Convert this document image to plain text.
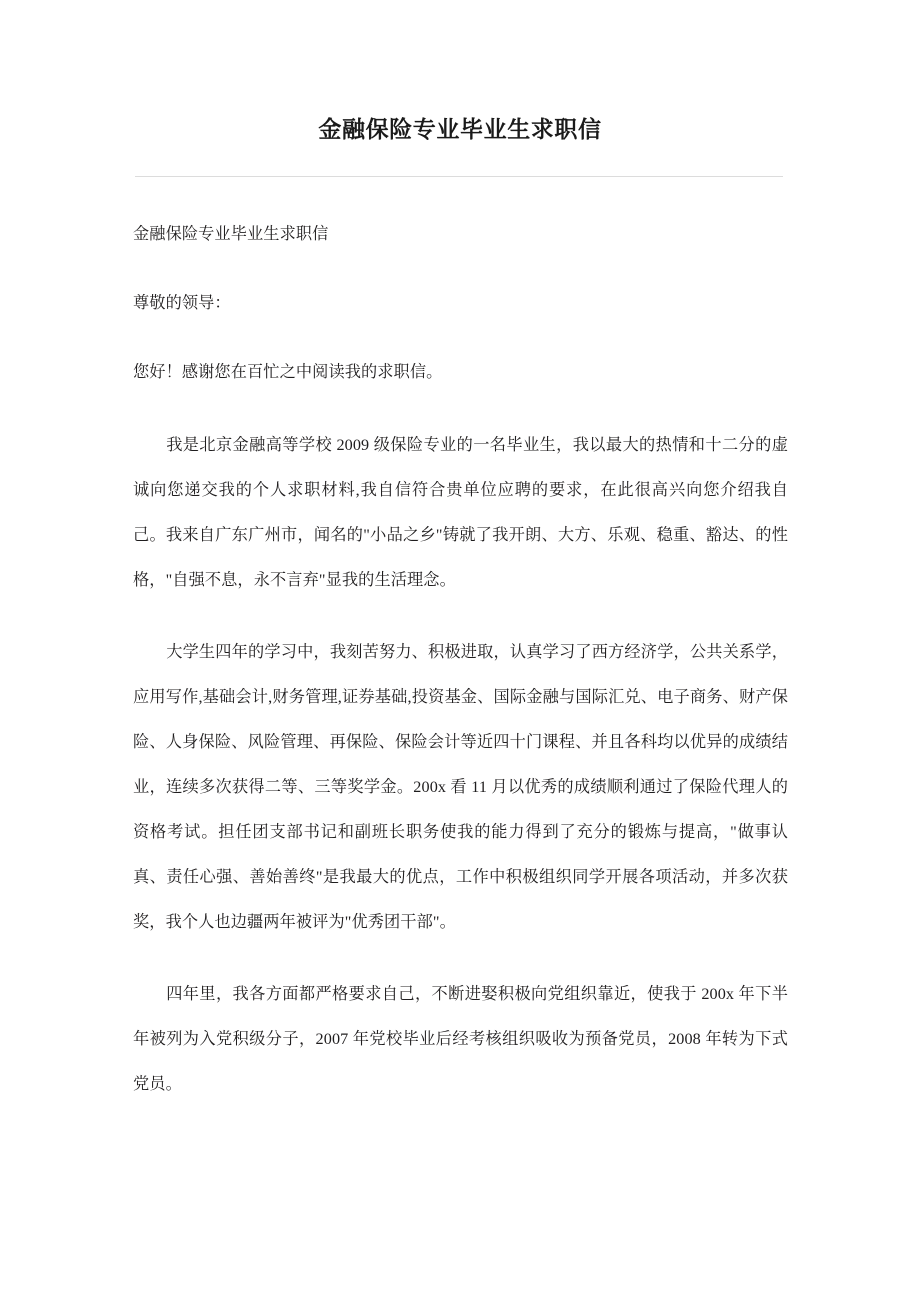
金融保险专业毕业生求职信

金融保险专业毕业生求职信

尊敬的领导：

您好！感谢您在百忙之中阅读我的求职信。

我是北京金融高等学校 2009 级保险专业的一名毕业生，我以最大的热情和十二分的虚诚向您递交我的个人求职材料,我自信符合贵单位应聘的要求，在此很高兴向您介绍我自己。我来自广东广州市，闻名的"小品之乡"铸就了我开朗、大方、乐观、稳重、豁达、的性格，"自强不息，永不言弃"显我的生活理念。

大学生四年的学习中，我刻苦努力、积极进取，认真学习了西方经济学，公共关系学，应用写作,基础会计,财务管理,证券基础,投资基金、国际金融与国际汇兑、电子商务、财产保险、人身保险、风险管理、再保险、保险会计等近四十门课程、并且各科均以优异的成绩结业，连续多次获得二等、三等奖学金。200x 看 11 月以优秀的成绩顺利通过了保险代理人的资格考试。担任团支部书记和副班长职务使我的能力得到了充分的锻炼与提高，"做事认真、责任心强、善始善终"是我最大的优点，工作中积极组织同学开展各项活动，并多次获奖，我个人也边疆两年被评为"优秀团干部"。

四年里，我各方面都严格要求自己，不断进娶积极向党组织靠近，使我于 200x 年下半年被列为入党积级分子，2007 年党校毕业后经考核组织吸收为预备党员，2008 年转为下式党员。
